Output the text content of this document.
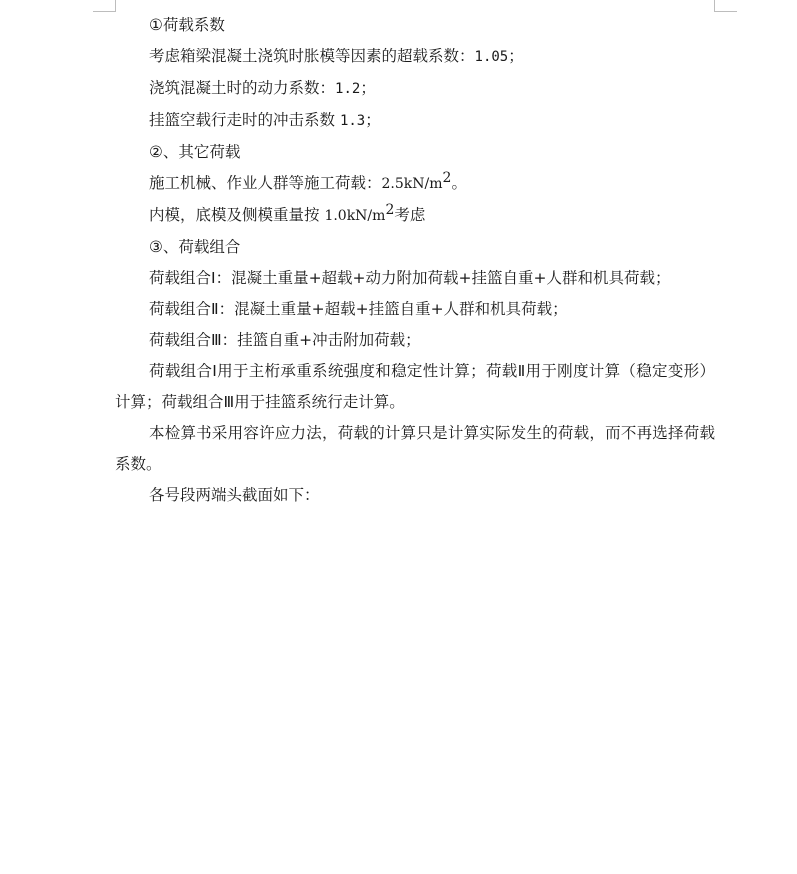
①荷载系数

考虑箱梁混凝土浇筑时胀模等因素的超载系数：1.05；

浇筑混凝土时的动力系数：1.2；

挂篮空载行走时的冲击系数 1.3；

②、其它荷载

施工机械、作业人群等施工荷载：$2.5kN/m^2$。

内模，底模及侧模重量按 $1.0kN/m^2$考虑

③、荷载组合

荷载组合Ⅰ：混凝土重量+超载+动力附加荷载+挂篮自重+人群和机具荷载；

荷载组合Ⅱ：混凝土重量+超载+挂篮自重+人群和机具荷载；

荷载组合Ⅲ：挂篮自重+冲击附加荷载；

荷载组合Ⅰ用于主桁承重系统强度和稳定性计算；荷载Ⅱ用于刚度计算（稳定变形）计算；荷载组合Ⅲ用于挂篮系统行走计算。

本检算书采用容许应力法，荷载的计算只是计算实际发生的荷载，而不再选择荷载系数。

各号段两端头截面如下：
